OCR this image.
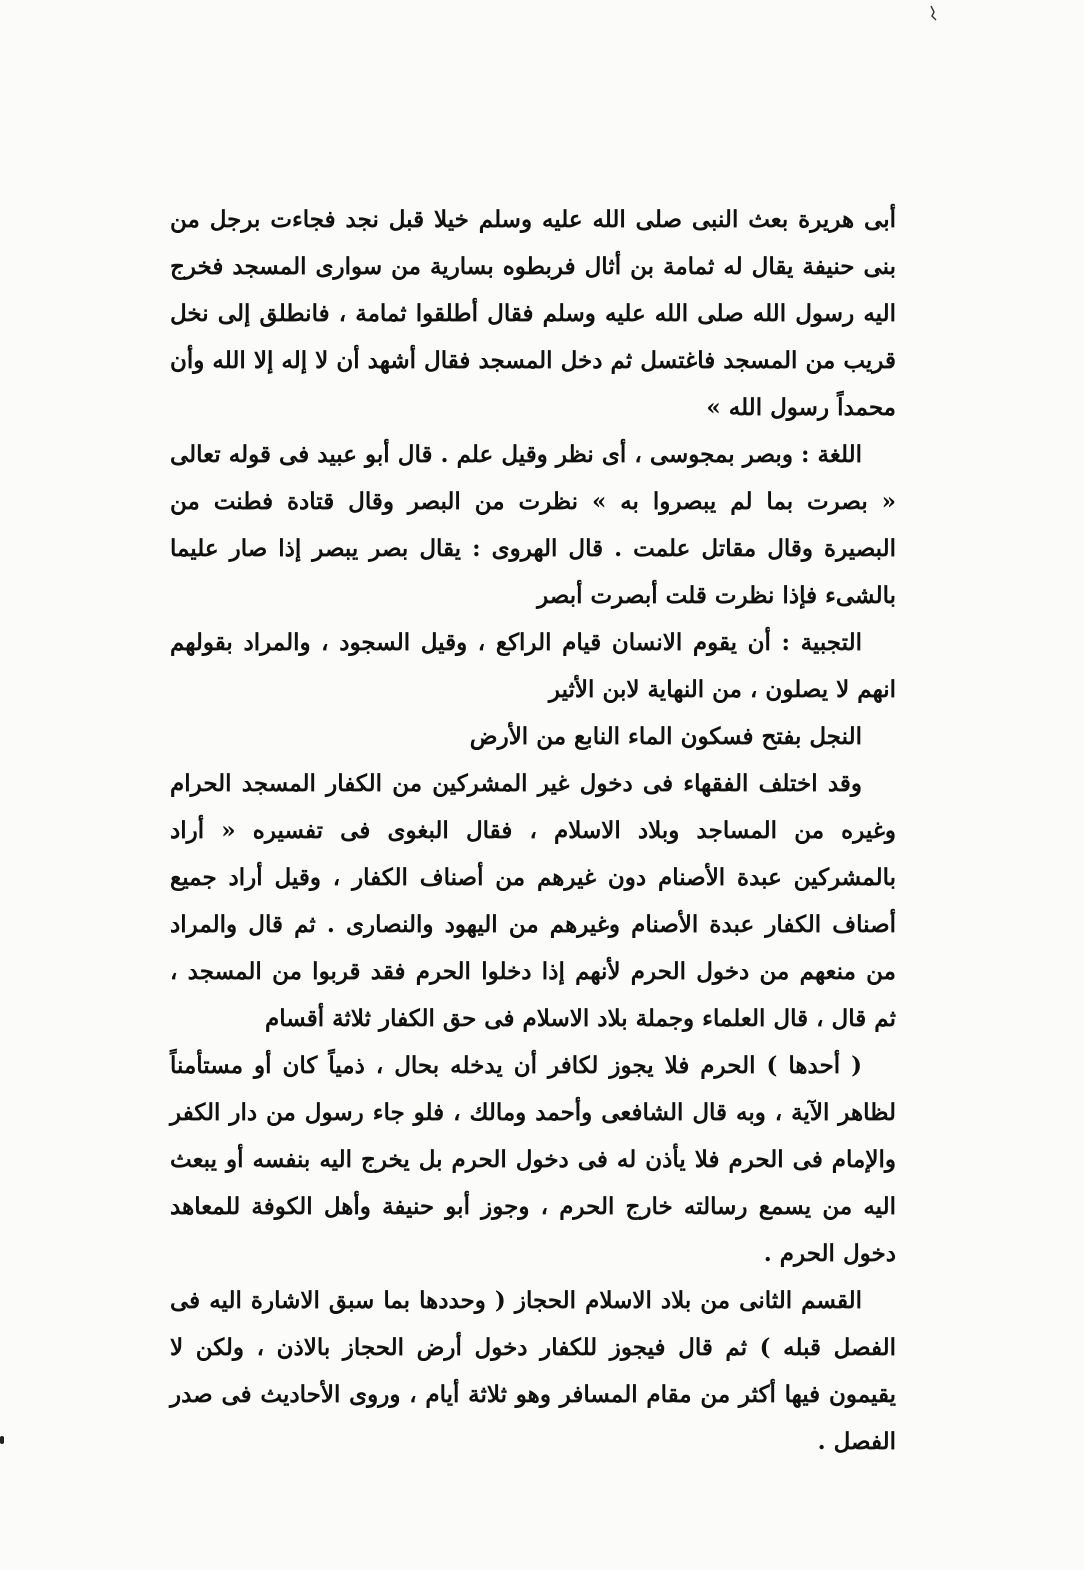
أبى هريرة بعث النبى صلى الله عليه وسلم خيلا قبل نجد فجاءت برجل من بنى حنيفة يقال له ثمامة بن أثال فربطوه بسارية من سوارى المسجد فخرج اليه رسول الله صلى الله عليه وسلم فقال أطلقوا ثمامة ، فانطلق إلى نخل قريب من المسجد فاغتسل ثم دخل المسجد فقال أشهد أن لا إله إلا الله وأن محمداً رسول الله »

اللغة : وبصر بمجوسى ، أى نظر وقيل علم . قال أبو عبيد فى قوله تعالى « بصرت بما لم يبصروا به » نظرت من البصر وقال قتادة فطنت من البصيرة وقال مقاتل علمت . قال الهروى : يقال بصر يبصر إذا صار عليما بالشىء فإذا نظرت قلت أبصرت أبصر

التجبية : أن يقوم الانسان قيام الراكع ، وقيل السجود ، والمراد بقولهم انهم لا يصلون ، من النهاية لابن الأثير

النجل بفتح فسكون الماء النابع من الأرض

وقد اختلف الفقهاء فى دخول غير المشركين من الكفار المسجد الحرام وغيره من المساجد وبلاد الاسلام ، فقال البغوى فى تفسيره « أراد بالمشركين عبدة الأصنام دون غيرهم من أصناف الكفار ، وقيل أراد جميع أصناف الكفار عبدة الأصنام وغيرهم من اليهود والنصارى . ثم قال والمراد من منعهم من دخول الحرم لأنهم إذا دخلوا الحرم فقد قربوا من المسجد ، ثم قال ، قال العلماء وجملة بلاد الاسلام فى حق الكفار ثلاثة أقسام

( أحدها ) الحرم فلا يجوز لكافر أن يدخله بحال ، ذمياً كان أو مستأمناً لظاهر الآية ، وبه قال الشافعى وأحمد ومالك ، فلو جاء رسول من دار الكفر والإمام فى الحرم فلا يأذن له فى دخول الحرم بل يخرج اليه بنفسه أو يبعث اليه من يسمع رسالته خارج الحرم ، وجوز أبو حنيفة وأهل الكوفة للمعاهد دخول الحرم .

القسم الثانى من بلاد الاسلام الحجاز ( وحددها بما سبق الاشارة اليه فى الفصل قبله ) ثم قال فيجوز للكفار دخول أرض الحجاز بالاذن ، ولكن لا يقيمون فيها أكثر من مقام المسافر وهو ثلاثة أيام ، وروى الأحاديث فى صدر الفصل .
